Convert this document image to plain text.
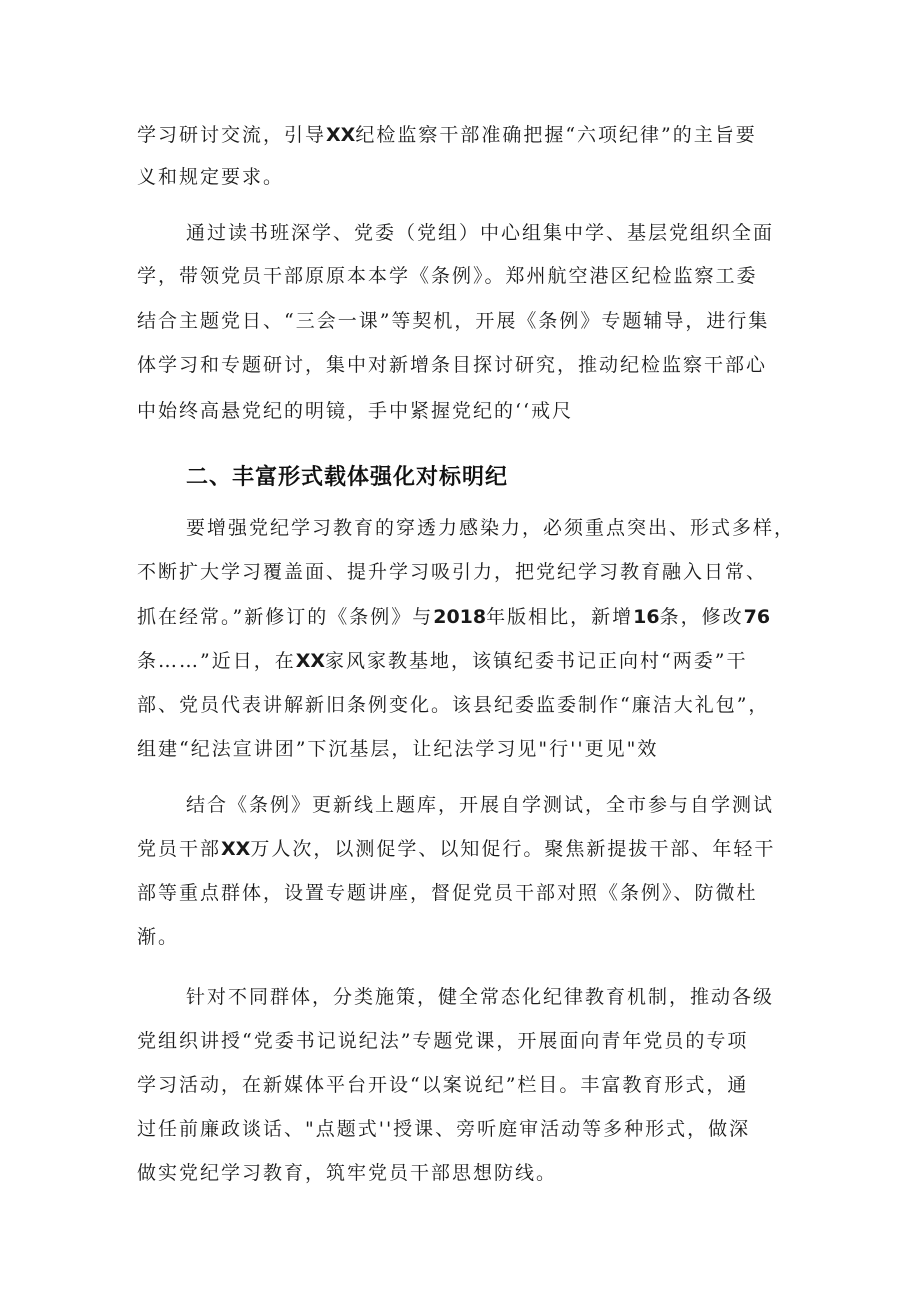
学习研讨交流，引导XX纪检监察干部准确把握“六项纪律”的主旨要
义和规定要求。
通过读书班深学、党委（党组）中心组集中学、基层党组织全面
学，带领党员干部原原本本学《条例》。郑州航空港区纪检监察工委
结合主题党日、“三会一课”等契机，开展《条例》专题辅导，进行集
体学习和专题研讨，集中对新增条目探讨研究，推动纪检监察干部心
中始终高悬党纪的明镜，手中紧握党纪的‘‘戒尺
二、丰富形式载体强化对标明纪
要增强党纪学习教育的穿透力感染力，必须重点突出、形式多样，
不断扩大学习覆盖面、提升学习吸引力，把党纪学习教育融入日常、
抓在经常。”新修订的《条例》与2018年版相比，新增16条，修改76
条……”近日，在XX家风家教基地，该镇纪委书记正向村“两委”干
部、党员代表讲解新旧条例变化。该县纪委监委制作“廉洁大礼包”，
组建“纪法宣讲团”下沉基层，让纪法学习见"行''更见"效
结合《条例》更新线上题库，开展自学测试，全市参与自学测试
党员干部XX万人次，以测促学、以知促行。聚焦新提拔干部、年轻干
部等重点群体，设置专题讲座，督促党员干部对照《条例》、防微杜
渐。
针对不同群体，分类施策，健全常态化纪律教育机制，推动各级
党组织讲授“党委书记说纪法”专题党课，开展面向青年党员的专项
学习活动，在新媒体平台开设“以案说纪”栏目。丰富教育形式，通
过任前廉政谈话、"点题式''授课、旁听庭审活动等多种形式，做深
做实党纪学习教育，筑牢党员干部思想防线。
